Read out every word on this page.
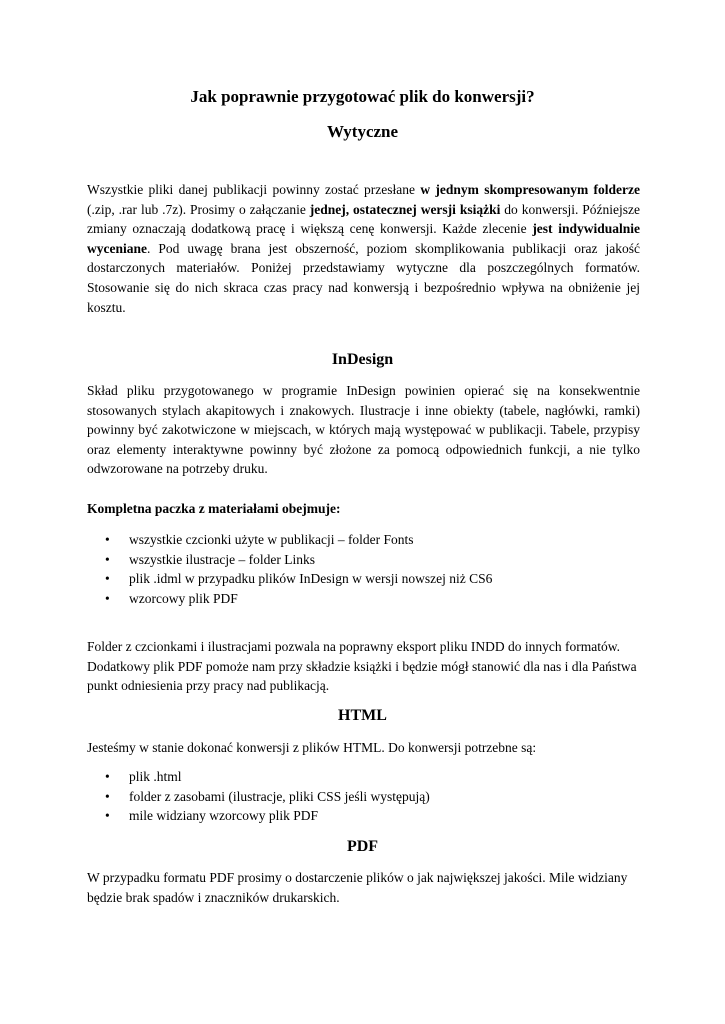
Jak poprawnie przygotować plik do konwersji?
Wytyczne

Wszystkie pliki danej publikacji powinny zostać przesłane w jednym skompresowanym folderze (.zip, .rar lub .7z). Prosimy o załączanie jednej, ostatecznej wersji książki do konwersji. Późniejsze zmiany oznaczają dodatkową pracę i większą cenę konwersji. Każde zlecenie jest indywidualnie wyceniane. Pod uwagę brana jest obszerność, poziom skomplikowania publikacji oraz jakość dostarczonych materiałów. Poniżej przedstawiamy wytyczne dla poszczególnych formatów. Stosowanie się do nich skraca czas pracy nad konwersją i bezpośrednio wpływa na obniżenie jej kosztu.

InDesign

Skład pliku przygotowanego w programie InDesign powinien opierać się na konsekwentnie stosowanych stylach akapitowych i znakowych. Ilustracje i inne obiekty (tabele, nagłówki, ramki) powinny być zakotwiczone w miejscach, w których mają występować w publikacji. Tabele, przypisy oraz elementy interaktywne powinny być złożone za pomocą odpowiednich funkcji, a nie tylko odwzorowane na potrzeby druku.

Kompletna paczka z materiałami obejmuje:

• wszystkie czcionki użyte w publikacji – folder Fonts
• wszystkie ilustracje – folder Links
• plik .idml w przypadku plików InDesign w wersji nowszej niż CS6
• wzorcowy plik PDF

Folder z czcionkami i ilustracjami pozwala na poprawny eksport pliku INDD do innych formatów. Dodatkowy plik PDF pomoże nam przy składzie książki i będzie mógł stanowić dla nas i dla Państwa punkt odniesienia przy pracy nad publikacją.

HTML

Jesteśmy w stanie dokonać konwersji z plików HTML. Do konwersji potrzebne są:

• plik .html
• folder z zasobami (ilustracje, pliki CSS jeśli występują)
• mile widziany wzorcowy plik PDF
PDF

W przypadku formatu PDF prosimy o dostarczenie plików o jak największej jakości. Mile widziany będzie brak spadów i znaczników drukarskich.
